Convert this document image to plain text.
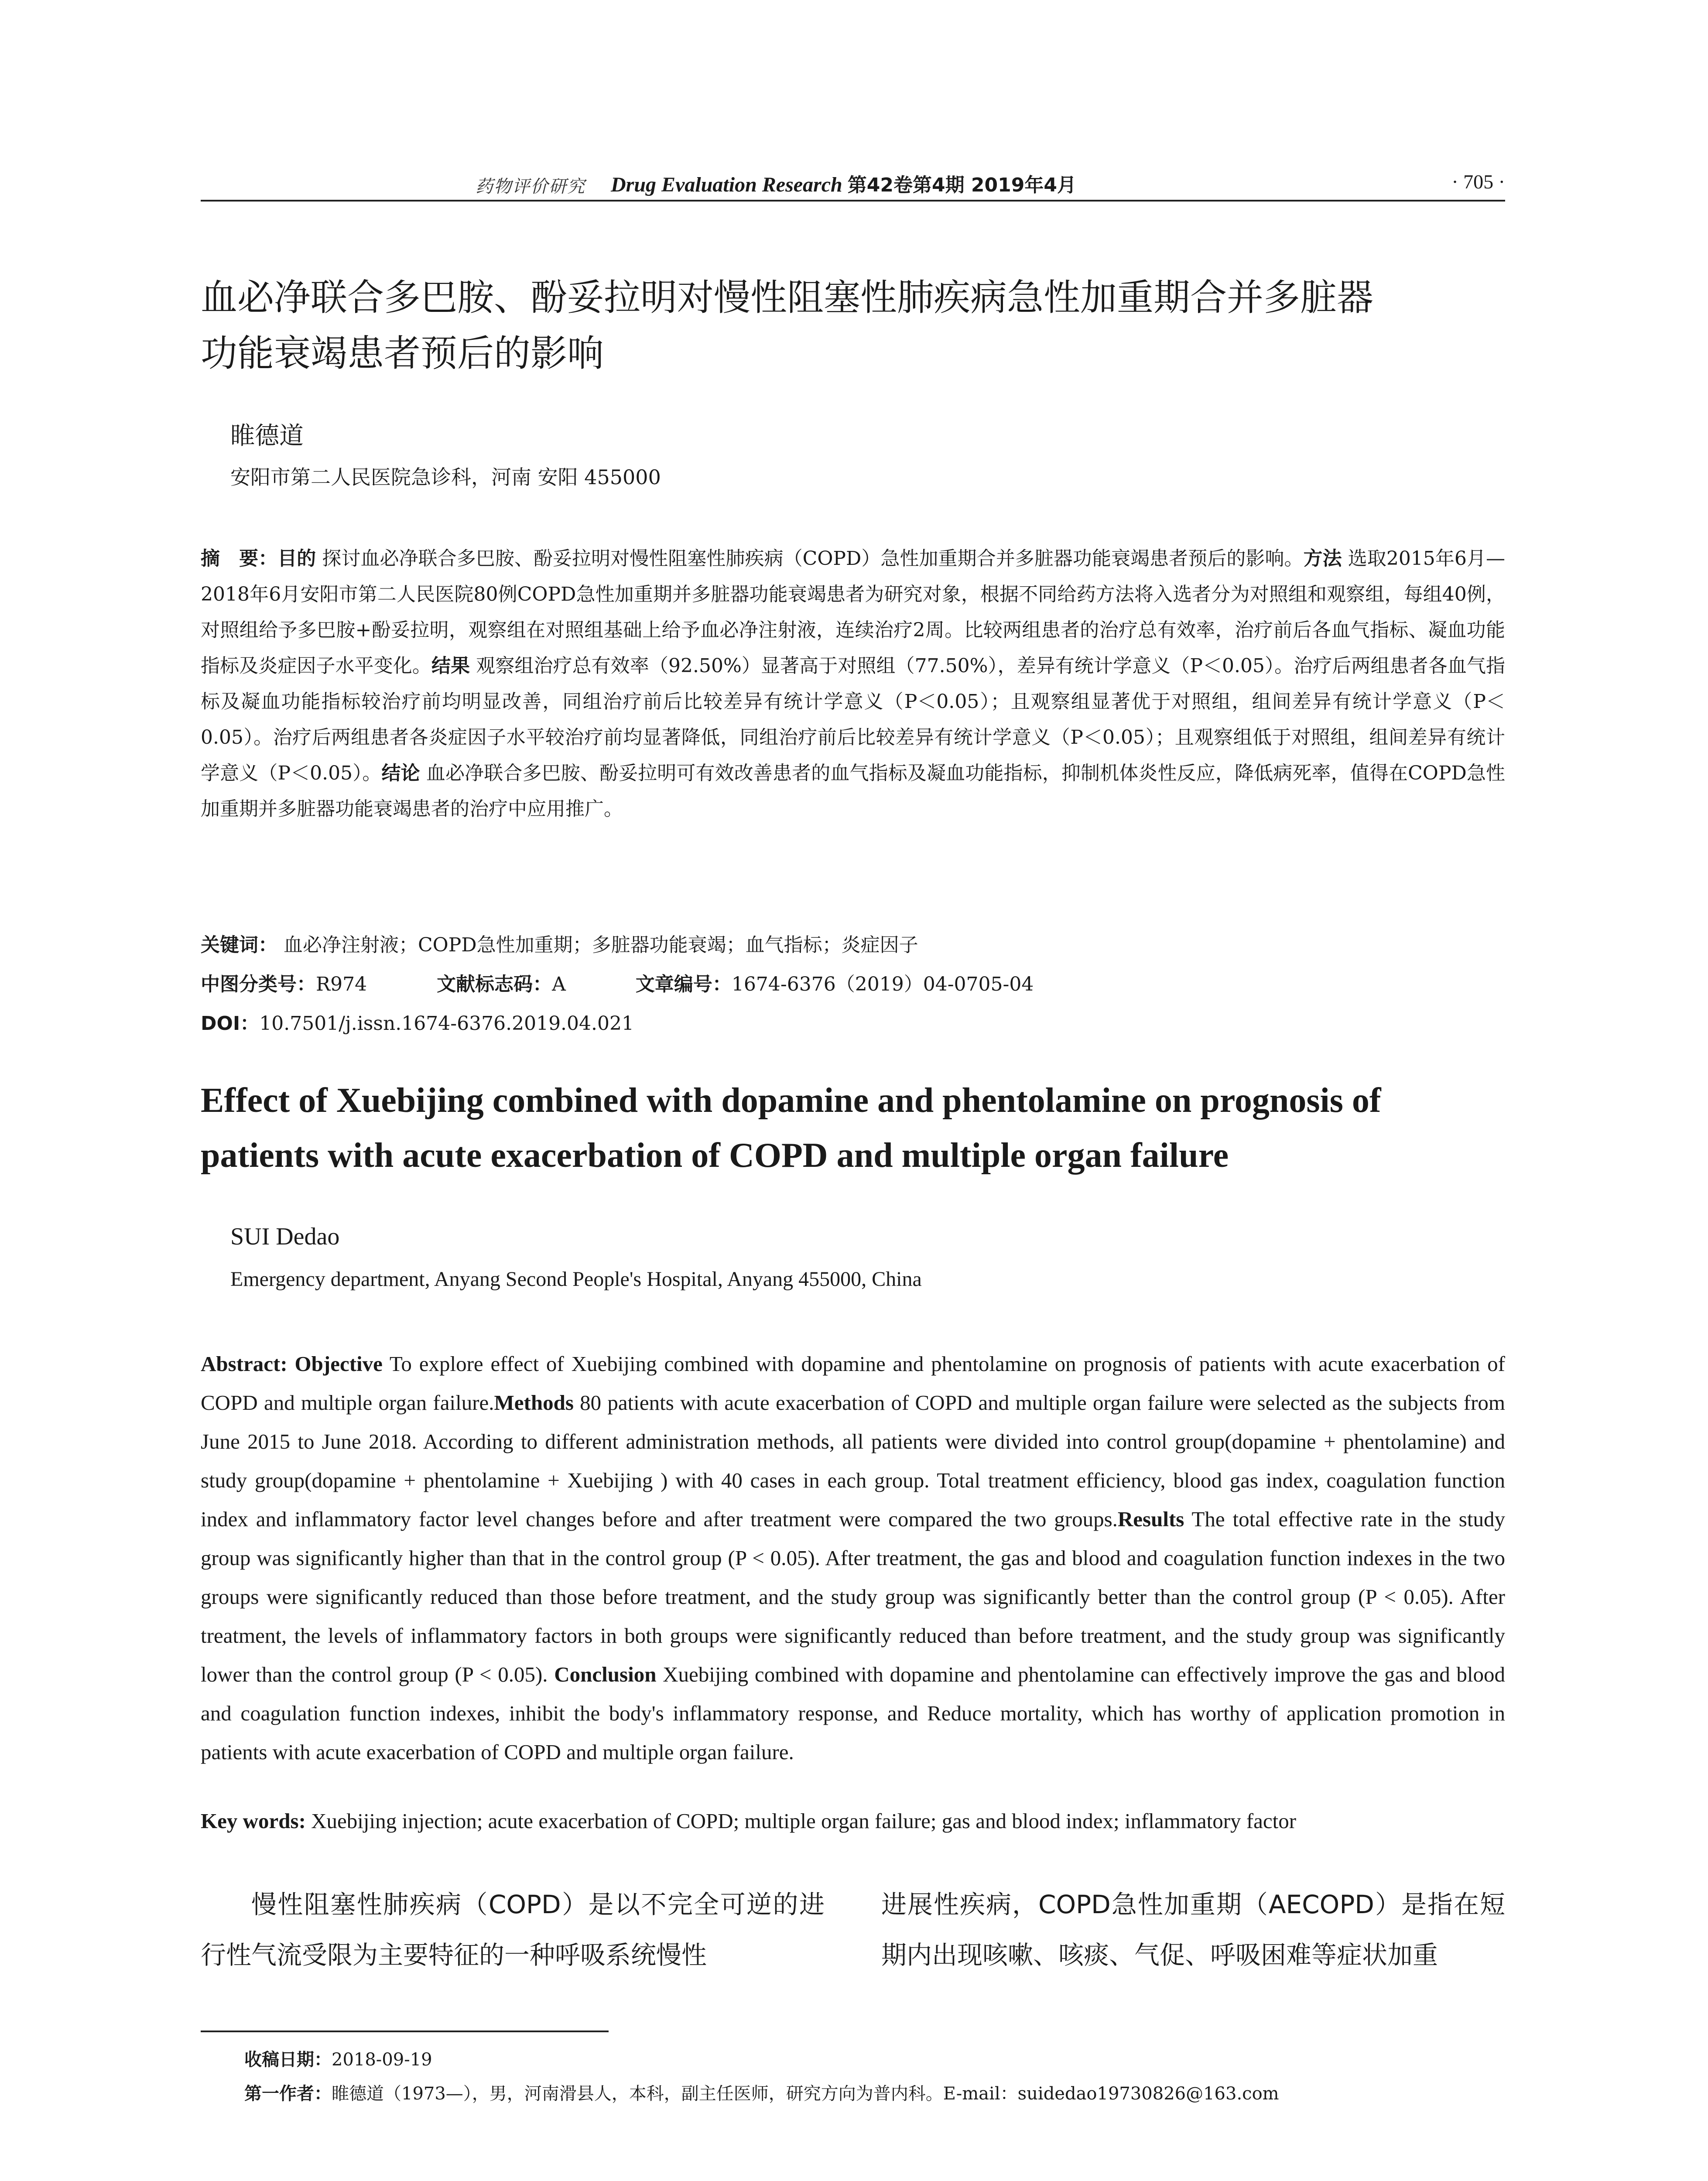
药物评价研究 Drug Evaluation Research 第42卷第4期 2019年4月	· 705 ·
血必净联合多巴胺、酚妥拉明对慢性阻塞性肺疾病急性加重期合并多脏器
功能衰竭患者预后的影响
睢德道
安阳市第二人民医院急诊科，河南 安阳 455000
摘　要：目的 探讨血必净联合多巴胺、酚妥拉明对慢性阻塞性肺疾病（COPD）急性加重期合并多脏器功能衰竭患者预后的影响。方法 选取2015年6月—2018年6月安阳市第二人民医院80例COPD急性加重期并多脏器功能衰竭患者为研究对象，根据不同给药方法将入选者分为对照组和观察组，每组40例，对照组给予多巴胺+酚妥拉明，观察组在对照组基础上给予血必净注射液，连续治疗2周。比较两组患者的治疗总有效率，治疗前后各血气指标、凝血功能指标及炎症因子水平变化。结果 观察组治疗总有效率（92.50%）显著高于对照组（77.50%），差异有统计学意义（P＜0.05）。治疗后两组患者各血气指标及凝血功能指标较治疗前均明显改善，同组治疗前后比较差异有统计学意义（P＜0.05）；且观察组显著优于对照组，组间差异有统计学意义（P＜0.05）。治疗后两组患者各炎症因子水平较治疗前均显著降低，同组治疗前后比较差异有统计学意义（P＜0.05）；且观察组低于对照组，组间差异有统计学意义（P＜0.05）。结论 血必净联合多巴胺、酚妥拉明可有效改善患者的血气指标及凝血功能指标，抑制机体炎性反应，降低病死率，值得在COPD急性加重期并多脏器功能衰竭患者的治疗中应用推广。
关键词： 血必净注射液；COPD急性加重期；多脏器功能衰竭；血气指标；炎症因子
中图分类号：R974	文献标志码：A	文章编号：1674-6376（2019）04-0705-04
DOI：10.7501/j.issn.1674-6376.2019.04.021
Effect of Xuebijing combined with dopamine and phentolamine on prognosis of
patients with acute exacerbation of COPD and multiple organ failure
SUI Dedao
Emergency department, Anyang Second People's Hospital, Anyang 455000, China
Abstract: Objective To explore effect of Xuebijing combined with dopamine and phentolamine on prognosis of patients with acute exacerbation of COPD and multiple organ failure.Methods 80 patients with acute exacerbation of COPD and multiple organ failure were selected as the subjects from June 2015 to June 2018. According to different administration methods, all patients were divided into control group(dopamine + phentolamine) and study group(dopamine + phentolamine + Xuebijing ) with 40 cases in each group. Total treatment efficiency, blood gas index, coagulation function index and inflammatory factor level changes before and after treatment were compared the two groups.Results The total effective rate in the study group was significantly higher than that in the control group (P < 0.05). After treatment, the gas and blood and coagulation function indexes in the two groups were significantly reduced than those before treatment, and the study group was significantly better than the control group (P < 0.05). After treatment, the levels of inflammatory factors in both groups were significantly reduced than before treatment, and the study group was significantly lower than the control group (P < 0.05). Conclusion Xuebijing combined with dopamine and phentolamine can effectively improve the gas and blood and coagulation function indexes, inhibit the body's inflammatory response, and Reduce mortality, which has worthy of application promotion in patients with acute exacerbation of COPD and multiple organ failure.
Key words: Xuebijing injection; acute exacerbation of COPD; multiple organ failure; gas and blood index; inflammatory factor
慢性阻塞性肺疾病（COPD）是以不完全可逆的进行性气流受限为主要特征的一种呼吸系统慢性
进展性疾病，COPD急性加重期（AECOPD）是指在短期内出现咳嗽、咳痰、气促、呼吸困难等症状加重
收稿日期：2018-09-19
第一作者：睢德道（1973—），男，河南滑县人，本科，副主任医师，研究方向为普内科。E-mail：suidedao19730826@163.com
